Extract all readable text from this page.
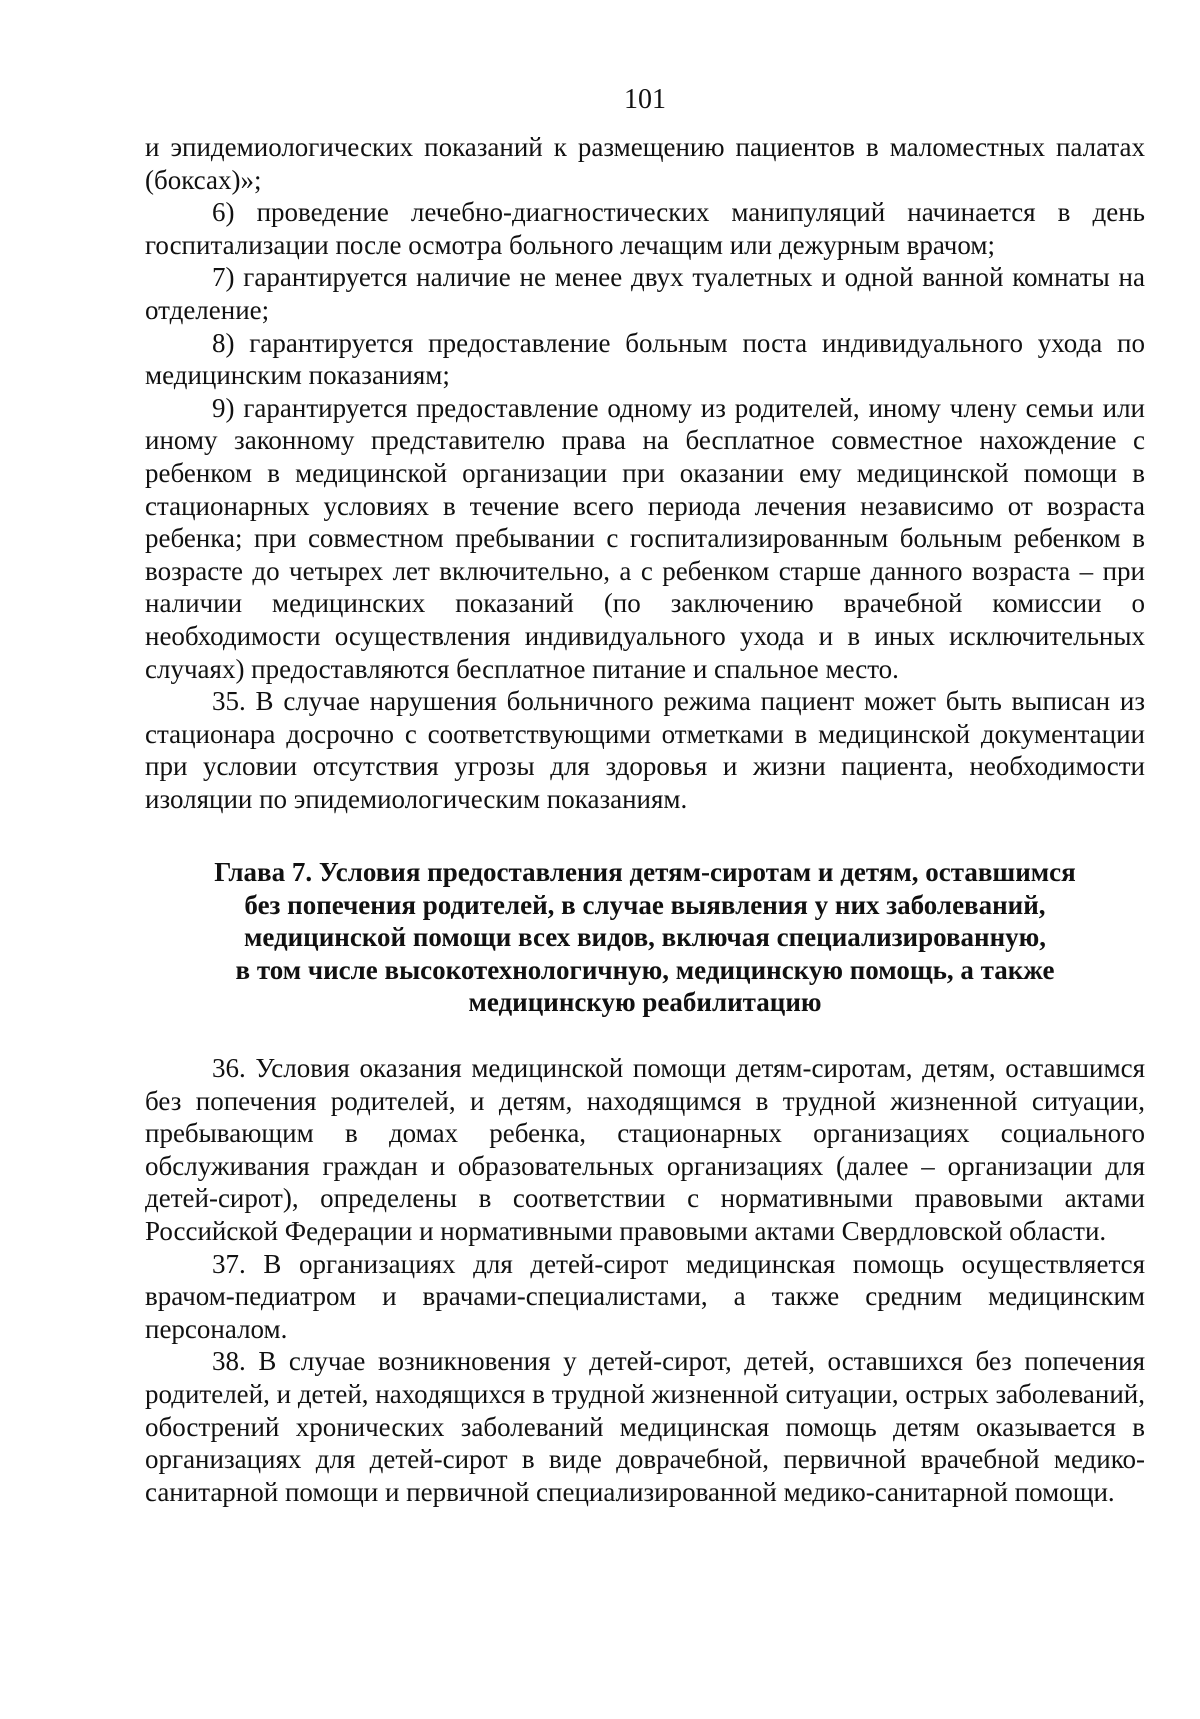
101

и эпидемиологических показаний к размещению пациентов в маломестных палатах (боксах)»;

6) проведение лечебно-диагностических манипуляций начинается в день госпитализации после осмотра больного лечащим или дежурным врачом;

7) гарантируется наличие не менее двух туалетных и одной ванной комнаты на отделение;

8) гарантируется предоставление больным поста индивидуального ухода по медицинским показаниям;

9) гарантируется предоставление одному из родителей, иному члену семьи или иному законному представителю права на бесплатное совместное нахождение с ребенком в медицинской организации при оказании ему медицинской помощи в стационарных условиях в течение всего периода лечения независимо от возраста ребенка; при совместном пребывании с госпитализированным больным ребенком в возрасте до четырех лет включительно, а с ребенком старше данного возраста – при наличии медицинских показаний (по заключению врачебной комиссии о необходимости осуществления индивидуального ухода и в иных исключительных случаях) предоставляются бесплатное питание и спальное место.

35. В случае нарушения больничного режима пациент может быть выписан из стационара досрочно с соответствующими отметками в медицинской документации при условии отсутствия угрозы для здоровья и жизни пациента, необходимости изоляции по эпидемиологическим показаниям.

Глава 7. Условия предоставления детям-сиротам и детям, оставшимся
без попечения родителей, в случае выявления у них заболеваний,
медицинской помощи всех видов, включая специализированную,
в том числе высокотехнологичную, медицинскую помощь, а также
медицинскую реабилитацию

36. Условия оказания медицинской помощи детям-сиротам, детям, оставшимся без попечения родителей, и детям, находящимся в трудной жизненной ситуации, пребывающим в домах ребенка, стационарных организациях социального обслуживания граждан и образовательных организациях (далее – организации для детей-сирот), определены в соответствии с нормативными правовыми актами Российской Федерации и нормативными правовыми актами Свердловской области.

37. В организациях для детей-сирот медицинская помощь осуществляется врачом-педиатром и врачами-специалистами, а также средним медицинским персоналом.

38. В случае возникновения у детей-сирот, детей, оставшихся без попечения родителей, и детей, находящихся в трудной жизненной ситуации, острых заболеваний, обострений хронических заболеваний медицинская помощь детям оказывается в организациях для детей-сирот в виде доврачебной, первичной врачебной медико-санитарной помощи и первичной специализированной медико-санитарной помощи.
